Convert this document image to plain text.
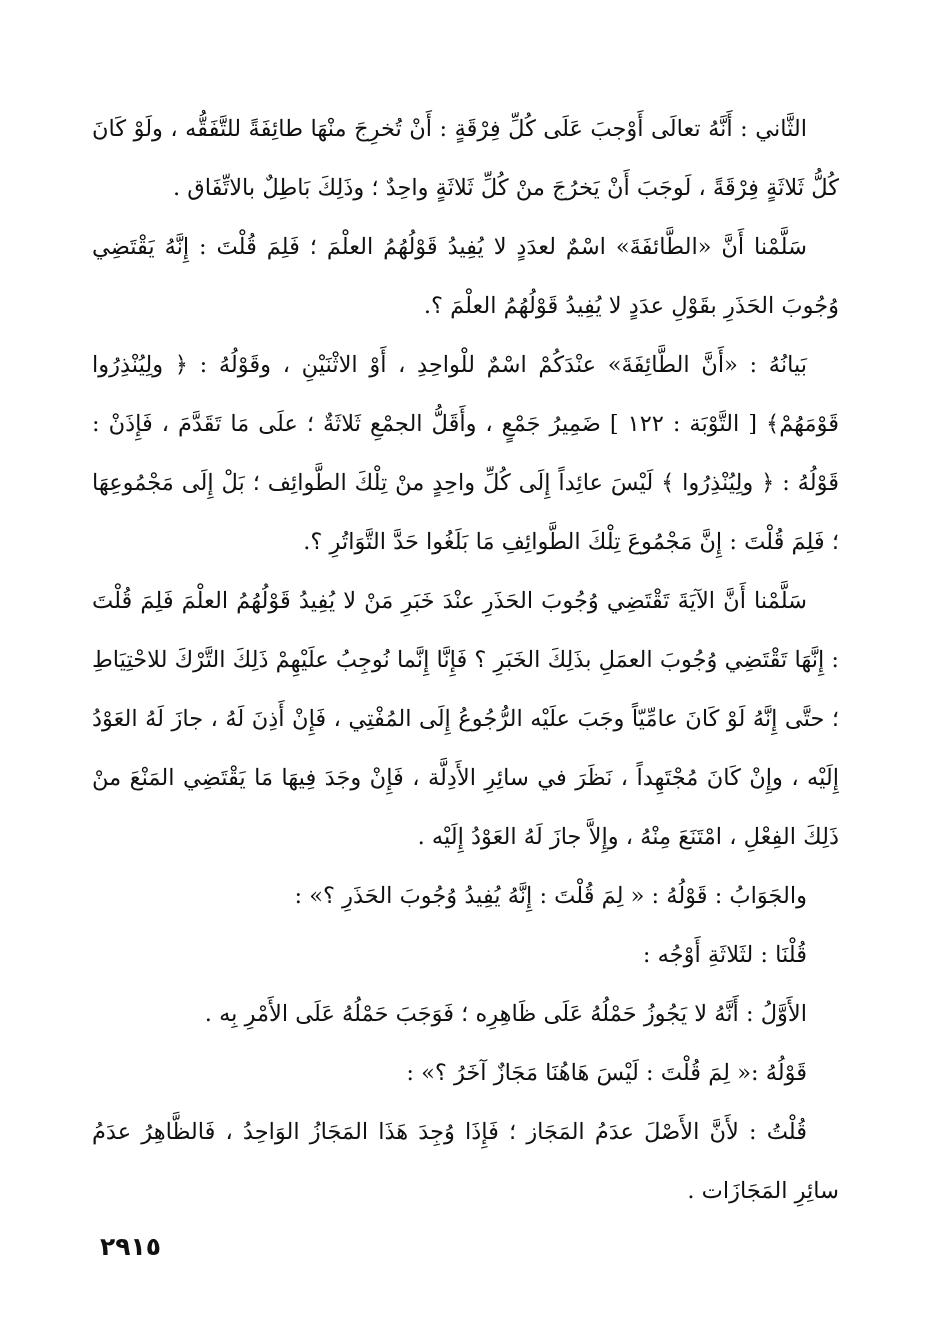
الثَّاني : أَنَّهُ تعالَى أَوْجبَ عَلَى كُلِّ فِرْقَةٍ : أَنْ تُخرِجَ منْهَا طائِفَةً للتَّفَقُّه ، ولَوْ كَانَ كُلُّ ثَلاثَةٍ فِرْقَةً ، لَوجَبَ أَنْ يَخرُجَ منْ كُلِّ ثَلاثَةٍ واحِدٌ ؛ وذَلِكَ بَاطِلٌ بالاتِّفَاق .

سَلَّمْنا أَنَّ «الطَّائفَةَ» اسْمٌ لعدَدٍ لا يُفِيدُ قَوْلُهُمُ العلْمَ ؛ فَلِمَ قُلْتَ : إِنَّهُ يَقْتَضِي وُجُوبَ الحَذَرِ بقَوْلِ عدَدٍ لا يُفِيدُ قَوْلُهُمُ العلْمَ ؟.

بَيانُهُ : «أَنَّ الطَّائِفَةَ» عنْدَكُمْ اسْمٌ للْواحِدِ ، أَوْ الاثْنَيْنِ ، وقَوْلُهُ : ﴿ ولِيُنْذِرُوا قَوْمَهُمْ﴾ [ التَّوْبَة : ١٢٢ ] ضَمِيرُ جَمْعٍ ، وأَقَلُّ الجمْعِ ثَلاثَةٌ ؛ علَى مَا تَقَدَّمَ ، فَإِذَنْ : قَوْلُهُ : ﴿ ولِيُنْذِرُوا ﴾ لَيْسَ عائِداً إِلَى كُلِّ واحِدٍ منْ تِلْكَ الطَّوائِف ؛ بَلْ إِلَى مَجْمُوعِهَا ؛ فَلِمَ قُلْتَ : إِنَّ مَجْمُوعَ تِلْكَ الطَّوائِفِ مَا بَلَغُوا حَدَّ التَّوَاتُرِ ؟.

سَلَّمْنا أَنَّ الآيَةَ تَقْتَضِي وُجُوبَ الحَذَرِ عنْدَ خَبَرِ مَنْ لا يُفِيدُ قَوْلُهُمُ العلْمَ فَلِمَ قُلْتَ : إِنَّهَا تَقْتَضِي وُجُوبَ العمَلِ بذَلِكَ الخَبَرِ ؟ فَإِنَّا إِنَّما نُوجِبُ علَيْهِمْ ذَلِكَ التَّرْكَ للاحْتِيَاطِ ؛ حتَّى إِنَّهُ لَوْ كَانَ عامِّيّاً وجَبَ علَيْه الرُّجُوعُ إِلَى المُفْتِي ، فَإِنْ أَذِنَ لَهُ ، جازَ لَهُ العَوْدُ إِلَيْه ، وإِنْ كَانَ مُجْتَهِداً ، نَظَرَ في سائِرِ الأَدِلَّة ، فَإِنْ وجَدَ فِيهَا مَا يَقْتَضِي المَنْعَ منْ ذَلِكَ الفِعْلِ ، امْتَنَعَ مِنْهُ ، وإِلاَّ جازَ لَهُ العَوْدُ إِلَيْه .

والجَوَابُ : قَوْلُهُ : « لِمَ قُلْتَ : إِنَّهُ يُفِيدُ وُجُوبَ الحَذَرِ ؟» :

قُلْنَا : لثَلاثَةِ أَوْجُه :

الأَوَّلُ : أَنَّهُ لا يَجُوزُ حَمْلُهُ عَلَى ظَاهِرِه ؛ فَوَجَبَ حَمْلُهُ عَلَى الأَمْرِ بِه .

قَوْلُهُ :« لِمَ قُلْتَ : لَيْسَ هَاهُنَا مَجَازٌ آخَرُ ؟» :

قُلْتُ : لأَنَّ الأَصْلَ عدَمُ المَجَاز ؛ فَإِذَا وُجِدَ هَذَا المَجَازُ الوَاحِدُ ، فَالظَّاهِرُ عدَمُ سائِرِ المَجَازَات .

٢٩١٥
